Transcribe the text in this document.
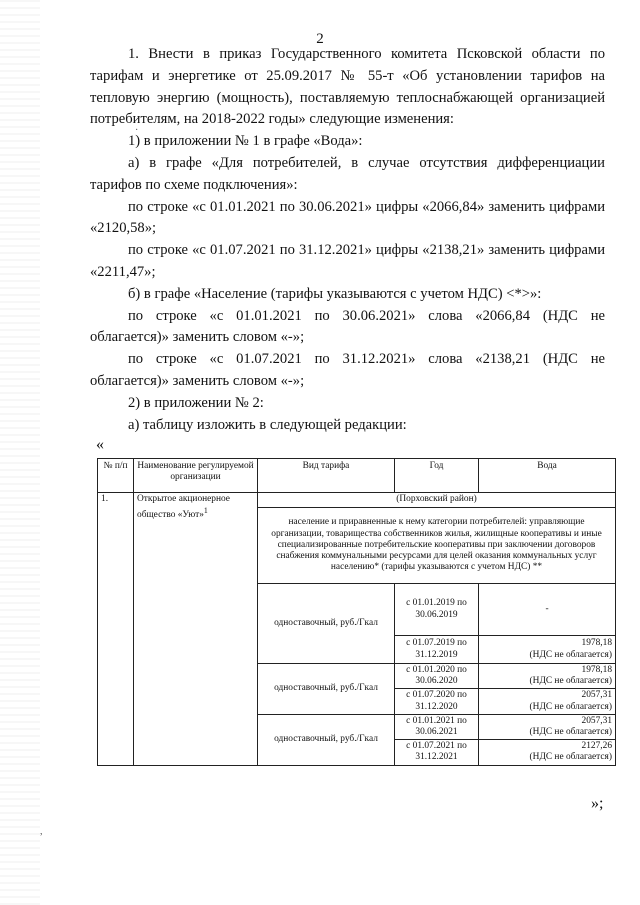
·
,
2

1. Внести в приказ Государственного комитета Псковской области по тарифам и энергетике от 25.09.2017 № 55-т «Об установлении тарифов на тепловую энергию (мощность), поставляемую теплоснабжающей организацией потребителям, на 2018-2022 годы» следующие изменения:

1) в приложении № 1 в графе «Вода»:

а) в графе «Для потребителей, в случае отсутствия дифференциации тарифов по схеме подключения»:

по строке «с 01.01.2021 по 30.06.2021» цифры «2066,84» заменить цифрами «2120,58»;

по строке «с 01.07.2021 по 31.12.2021» цифры «2138,21» заменить цифрами «2211,47»;

б) в графе «Население (тарифы указываются с учетом НДС) <*>»:

по строке «с 01.01.2021 по 30.06.2021» слова «2066,84 (НДС не облагается)» заменить словом «-»;

по строке «с 01.07.2021 по 31.12.2021» слова «2138,21 (НДС не облагается)» заменить словом «-»;

2) в приложении № 2:

а) таблицу изложить в следующей редакции:

«
№ п/п	Наименование регулируемой организации	Вид тарифа	Год	Вода
1.	Открытое акционерное общество «Уют»$^1$	(Порховский район)		
		население и приравненные к нему категории потребителей: управляющие организации, товарищества собственников жилья, жилищные кооперативы и иные специализированные потребительские кооперативы при заключении договоров снабжения коммунальными ресурсами для целей оказания коммунальных услуг населению* (тарифы указываются с учетом НДС) **		
		одноставочный, руб./Гкал	с 01.01.2019 по 30.06.2019	-

			с 01.07.2019 по 31.12.2019	1978,18
(НДС не облагается)

		одноставочный, руб./Гкал	с 01.01.2020 по 30.06.2020	1978,18
(НДС не облагается)

			с 01.07.2020 по 31.12.2020	2057,31
(НДС не облагается)

		одноставочный, руб./Гкал	с 01.01.2021 по 30.06.2021	2057,31
(НДС не облагается)

			с 01.07.2021 по 31.12.2021	2127,26
(НДС не облагается)
»;
